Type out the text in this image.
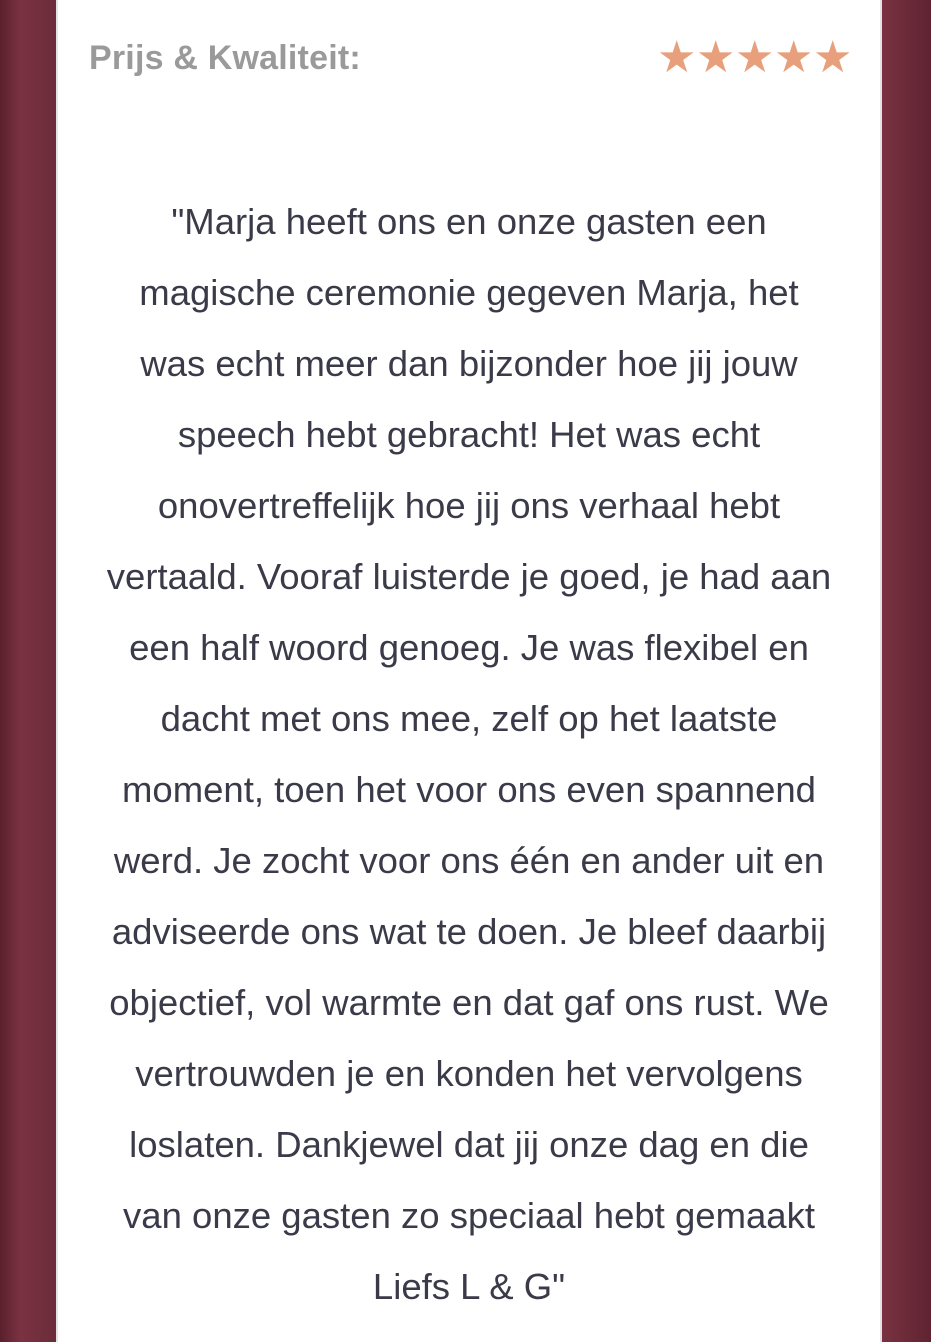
Prijs & Kwaliteit:	★ ★ ★ ★ ★

"Marja heeft ons en onze gasten een
magische ceremonie gegeven Marja, het
was echt meer dan bijzonder hoe jij jouw
speech hebt gebracht! Het was echt
onovertreffelijk hoe jij ons verhaal hebt
vertaald. Vooraf luisterde je goed, je had aan
een half woord genoeg. Je was flexibel en
dacht met ons mee, zelf op het laatste
moment, toen het voor ons even spannend
werd. Je zocht voor ons één en ander uit en
adviseerde ons wat te doen. Je bleef daarbij
objectief, vol warmte en dat gaf ons rust. We
vertrouwden je en konden het vervolgens
loslaten. Dankjewel dat jij onze dag en die
van onze gasten zo speciaal hebt gemaakt
Liefs L & G"
